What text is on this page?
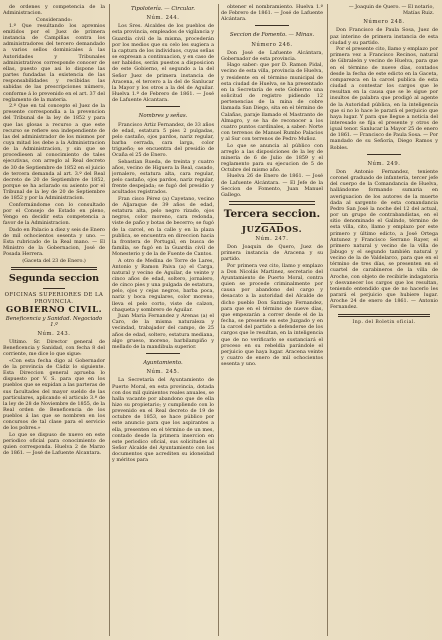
de ordenes y competencia de la Administracion.

Considerando:

1.º Que resultando los apremios emitidos por el Juez de primera instancia de Campiñas contra los administradores del tercero demandado a varios sellos dominicales á las Autoridades y Tribunales administrativos corresponde conocer de ellas, puesto que asi lo dispone las partes fundadas la existencia de las responsabilidades y recibidas las sabidas de las prescripciones número, conforme á lo prevenido en el art. 37 del reglamento de la materia.

2.º Que en tal concepto el Juez de la presente correspondia a la prevencion del Tribunal de la ley de 1852 y para que las glosas a recurso a que este recurso se refiere sea independiente de las del administrador de los mismos por cuya mitad los debe a la Administracion de la Administracion, y sin que se procediesen al conocimiento de tales ejecutivas, con arreglo al Real decreto de 30 de Septiembre de 1852 en el juicio de tercera demanda al art. 3.º del Real decreto de 20 de Septiembre de 1852, porque se ha aclarado su asiento por el Tribunal de la ley de 20 de Septiembre de 1852 y por la Administracion.

Conformándome con lo consultado por el Consejo de Estado en pleno, Vengo en decidir esta competencia a favor de la Administracion.

Dado en Palacio a diez y seis de Enero de mil ochocientos sesenta y uno. — Esta rubricado de la Real mano. — El Ministro de la Gobernacion, José de Posada Herrera.

(Gaceta del 23 de Enero.)

Segunda seccion
OFICINAS SUPERIORES DE LA PROVINCIA.
GOBIERNO CIVIL.
Beneficencia y Sanidad. Negociado 1.º
Núm. 243.

Ultimo. Sr. Director general de Beneficencia y Sanidad, con fecha 8 del corriente, me dice lo que sigue:

«Con esta fecha digo al Gobernador de la provincia de Cádiz lo siguiente. Esta Direccion general aprueba lo dispuesto por V. S. para que en los pueblos que se expidan a las parteras de sus facultades del mayor sueldo de las particulares, aplicando el articulo 3.º de la ley de 28 de Noviembre de 1855, de la Real orden de Beneficencia de los pueblos á las que se nombren en los concursos de tal clase para el servicio de los pobres.»

Lo que se dispuso de nuevo en este periodico oficial para conocimiento de quien corresponda. Huelva 2 de Marzo de 1861. — José de Lafuente Alcantara.

Tipolotería. — Circular.
Núm. 244.

Los Sres. Alcaldes de los pueblos de esta provincia, empleados de vigilancia y Guardia civil de la misma, procederán por los medios que su celo les sugiera a la captura de los individuos, cuyas señas se expresan a continuacion, y en caso de ser habidos, serán puestos a disposicion de este Gobierno, el segundo a la del Señor Juez de primera instancia de Aracena, el tercero a la del de Sanlucar la Mayor y los otros a la del de Aguilar. Huelva 1.º de Febrero de 1861. — José de Lafuente Alcantara.

Nombres y señas.

Francisco Artiz Fernandez, de 33 años de edad, estatura 5 pies 2 pulgadas, pelo castaño, ojos pardos, nariz regular, barba cerrada, cara larga, color trigueño; se encuentra del presidio de Ocaña el 25 de Enero.

Sebastian Rueda, de treinta y cuatro años, vecino de Higuera la Real, casado, jornalero, estatura alta, cara regular, pelo castaño, ojos pardos, nariz regular, frente despejada; se fugó del presidio y acultados registrados.

Fran cisco Pérez (a) Cayetano, vecino de Aljaraque de 39 años de edad, estatura alta, pelo negro rizado, ojos negros, color moreno, cara redonda, viste de paño y botas de becerro; se fugó de la carcel, en la calle y en la plaza publica, se encuentra en direccion hacia la frontera de Portugal, en busca de familia, se fugó en la Guardia civil de Monesterio y de la de Fuente de Cantos.

A otro de Medina de Torre de Lares, Antonio y Ramon Paiva (a) el Carga, natural y vecino de Aguilar, de veinte y cinco años de edad, soltero, jornalero, de cinco pies y una pulgada de estatura, pelo, ojos y cejas negros, barba poca, nariz y boca regulares, color moreno, lleva el pelo corto, viste de calzon, chaqueta y sombrero de Aguilar.

Juan Maria Fernandez y Arenas (a) el Caro, de la misma naturaleza y vecindad, trabajador del campo, de 25 años de edad, soltero, estatura mediana, algo grueso, moreno, barbilampiño y mellado de la mandibula superior.

Ayuntamiento.
Núm. 245.

La Secretaría del Ayuntamiento de Puerto Moral, en esta provincia, dotada con dos mil quinientos reales anuales, se halla vacante por abandono que de ella hizo su propietario; y cumpliendo con lo prevenido en el Real decreto de 19 de octubre de 1853, se hace público por este anuncio para que los aspirantes a ella, presenten en el término de un mes, contado desde la primera insercion en este periodico oficial, sus solicitudes al Señor Alcalde del Ayuntamiento con los documentos que acrediten su idoneidad y méritos para

obtener el nombramiento. Huelva 1.º de Febrero de 1861. — José de Lafuente Alcántara.

Seccion de Fomento. — Minas.
Número 246.

Don José de Lafuente Alcántara, Gobernador de esta provincia.

Hago saber: que por D. Ramon Pidal, vecino de esta villa, provincia de Huelva, y residente en el término municipal de esta ciudad de Huelva, se ha presentado en la Secretaría de este Gobierno una solicitud de registro pidiendo 12 pertenencias de la mina de cobre llamada San Diego, sita en el término de Calañas, paraje llamado el Mastranto de Almagro, y se ha de reconocer a los cuatro puntos cardinales, a saber: Norte con terrenos de Manuel Rumbo Palacios y al Sur con terrenos de Pedro Muñoz.

Lo que se anuncia al público con arreglo a las disposiciones de la ley de minería de 6 de Julio de 1859 y el reglamento para su ejecucion de 5 de Octubre del mismo año.

Huelva 26 de Enero de 1861. — José de Lafuente Alcántara. — El Jefe de la Seccion de Fomento, Juan Manuel Gallego.

Tercera seccion.
JUZGADOS.
Núm. 247.

Don Joaquin de Quero, Juez de primera instancia de Aracena y su partido.

Por primera vez cito, llamo y emplazo a Don Nicolás Martinez, secretario del Ayuntamiento de Puerto Moral, contra quien se procede criminalmente por causa por abandono del cargo y desacato a la autoridad del Alcalde de dicho pueblo Don Santiago Fernandez, para que en el término de nueve días, que empezarán a correr desde el de la fecha, se presente en este Juzgado y en la carcel del partido a defenderse de los cargos que le resultan, en la inteligencia que de no verificarlo se sustanciará el proceso en su rebeldía parándole el perjuicio que haya lugar. Aracena veinte y cuatro de enero de mil ochocientos sesenta y uno.

— Joaquin de Quero. — El notario, Matías Ruiz.

Número 248.

Don Francisco de Paula Sosa, Juez de paz interino de primera instancia de esta ciudad y su partido.

Por el presente cito, llamo y emplazo por primera vez a Francisco Recinos, natural de Gibraleón y vecino de Huelva, para que en el término de nueve días, contados desde la fecha de este edicto en la Gaceta, comparezca en la carcel publica de esta ciudad a contestar los cargos que le resultan en la causa que se le sigue por insultos de palabra que prodigó al agente de la Autoridad pública, en la inteligencia que si no lo hace le parará el perjuicio que haya lugar. Y para que llegue a noticia del interesado se fija el presente y otros de igual tenor. Sanlucar la Mayor 25 de enero de 1861. — Francisco de Paula Sosa. — Por mandado de su Señoría, Diego Ramos y Robles.

Núm. 249.

Don Antonio Fernandez, teniente coronel graduado de infantería, tercer jefe del cuerpo de la Comandancia de Huelva, hallándome formando sumaria en averiguacion de los autores de la muerte dada al sargento de esta comandancia Pedro San José la noche del 12 del actual, por un grupo de contrabandistas, en el sitio denominado el Galindo, término de esta villa, cito, llamo y emplazo por este primero y último edicto, a José Ortega Antunez y Francisco Serrano Rayer, el primero natural y vecino de la villa de Jabugo y el segundo también natural y vecino de la de Valdelarco, para que en el término de tres días, se presenten en el cuartel de carabineros de la villa de Aroche, con objeto de recibirle indagatoria y desvanecer los cargos que los resultan, teniendo entendido que de no hacerlo les parará el perjuicio que hubiere lugar. Aroche 24 de enero de 1861. — Antonio Fernandez.

Inp. del Boletin oficial.
